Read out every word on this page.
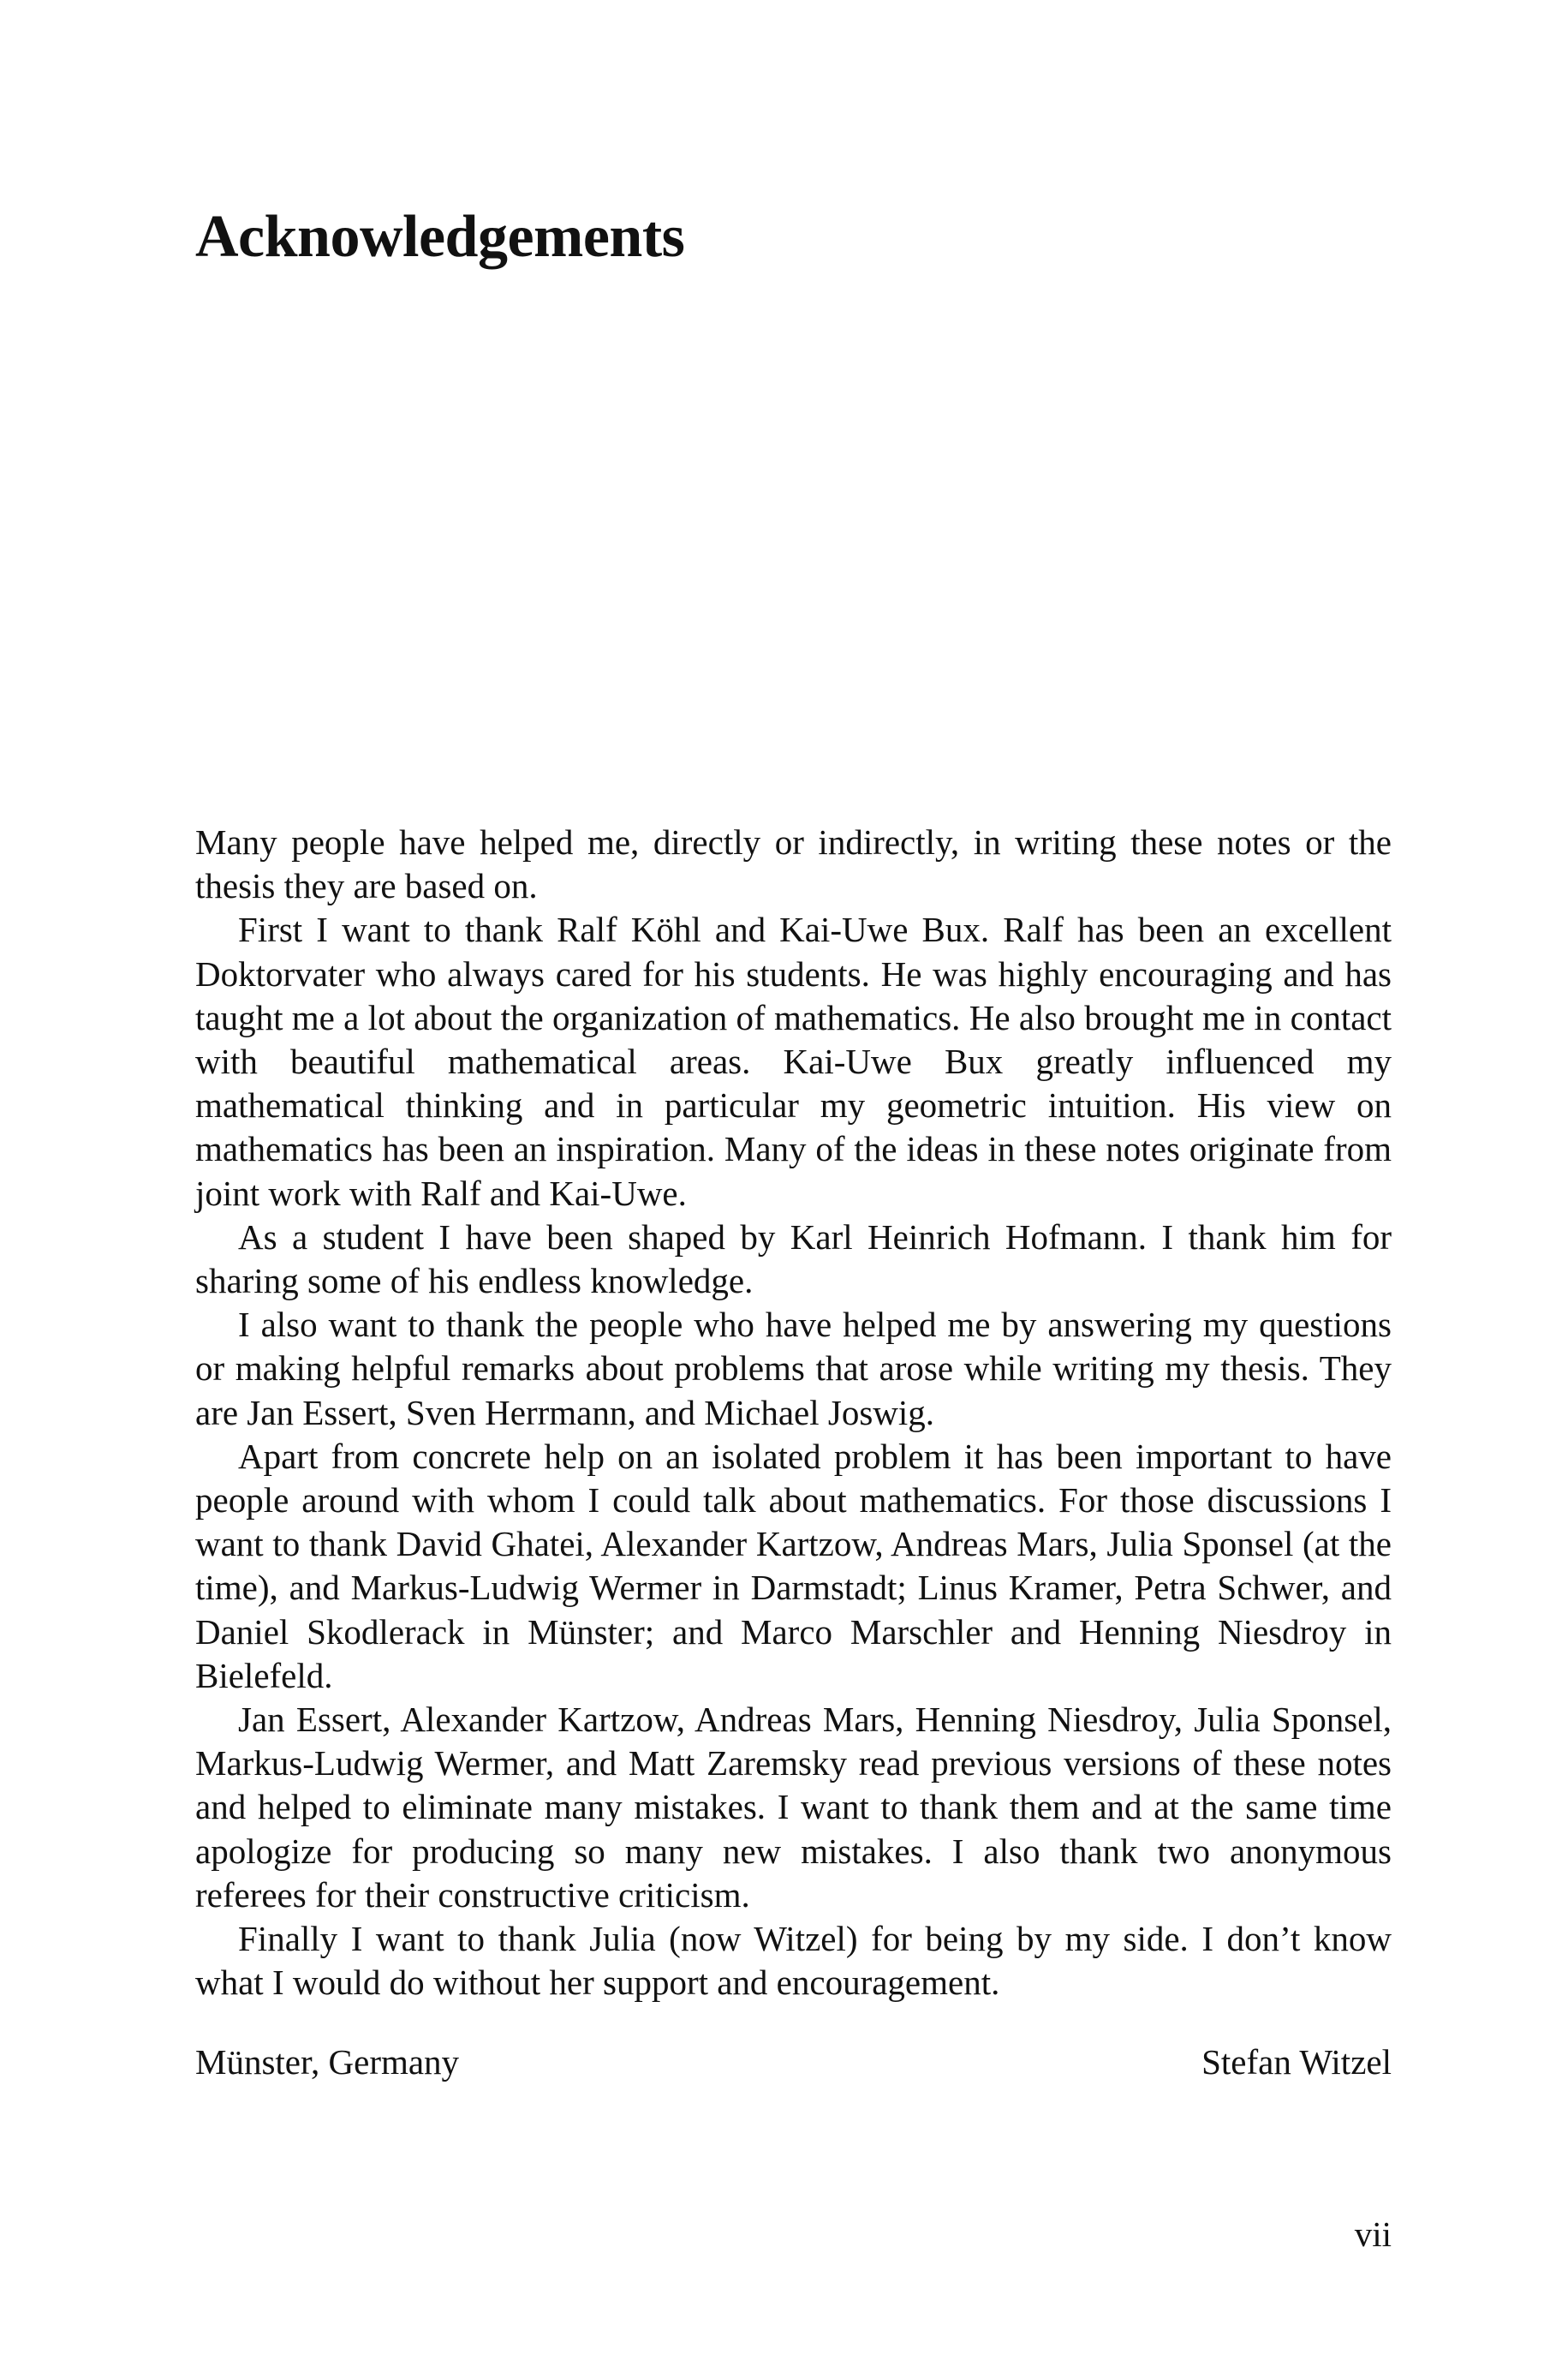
Acknowledgements

Many people have helped me, directly or indirectly, in writing these notes or the thesis they are based on.

First I want to thank Ralf Köhl and Kai-Uwe Bux. Ralf has been an excellent Doktorvater who always cared for his students. He was highly encouraging and has taught me a lot about the organization of mathematics. He also brought me in contact with beautiful mathematical areas. Kai-Uwe Bux greatly influenced my mathematical thinking and in particular my geometric intuition. His view on mathematics has been an inspiration. Many of the ideas in these notes originate from joint work with Ralf and Kai-Uwe.

As a student I have been shaped by Karl Heinrich Hofmann. I thank him for sharing some of his endless knowledge.

I also want to thank the people who have helped me by answering my questions or making helpful remarks about problems that arose while writing my thesis. They are Jan Essert, Sven Herrmann, and Michael Joswig.

Apart from concrete help on an isolated problem it has been important to have people around with whom I could talk about mathematics. For those discussions I want to thank David Ghatei, Alexander Kartzow, Andreas Mars, Julia Sponsel (at the time), and Markus-Ludwig Wermer in Darmstadt; Linus Kramer, Petra Schwer, and Daniel Skodlerack in Münster; and Marco Marschler and Henning Niesdroy in Bielefeld.

Jan Essert, Alexander Kartzow, Andreas Mars, Henning Niesdroy, Julia Sponsel, Markus-Ludwig Wermer, and Matt Zaremsky read previous versions of these notes and helped to eliminate many mistakes. I want to thank them and at the same time apologize for producing so many new mistakes. I also thank two anonymous referees for their constructive criticism.

Finally I want to thank Julia (now Witzel) for being by my side. I don’t know what I would do without her support and encouragement.

Münster, Germany	Stefan Witzel
vii
